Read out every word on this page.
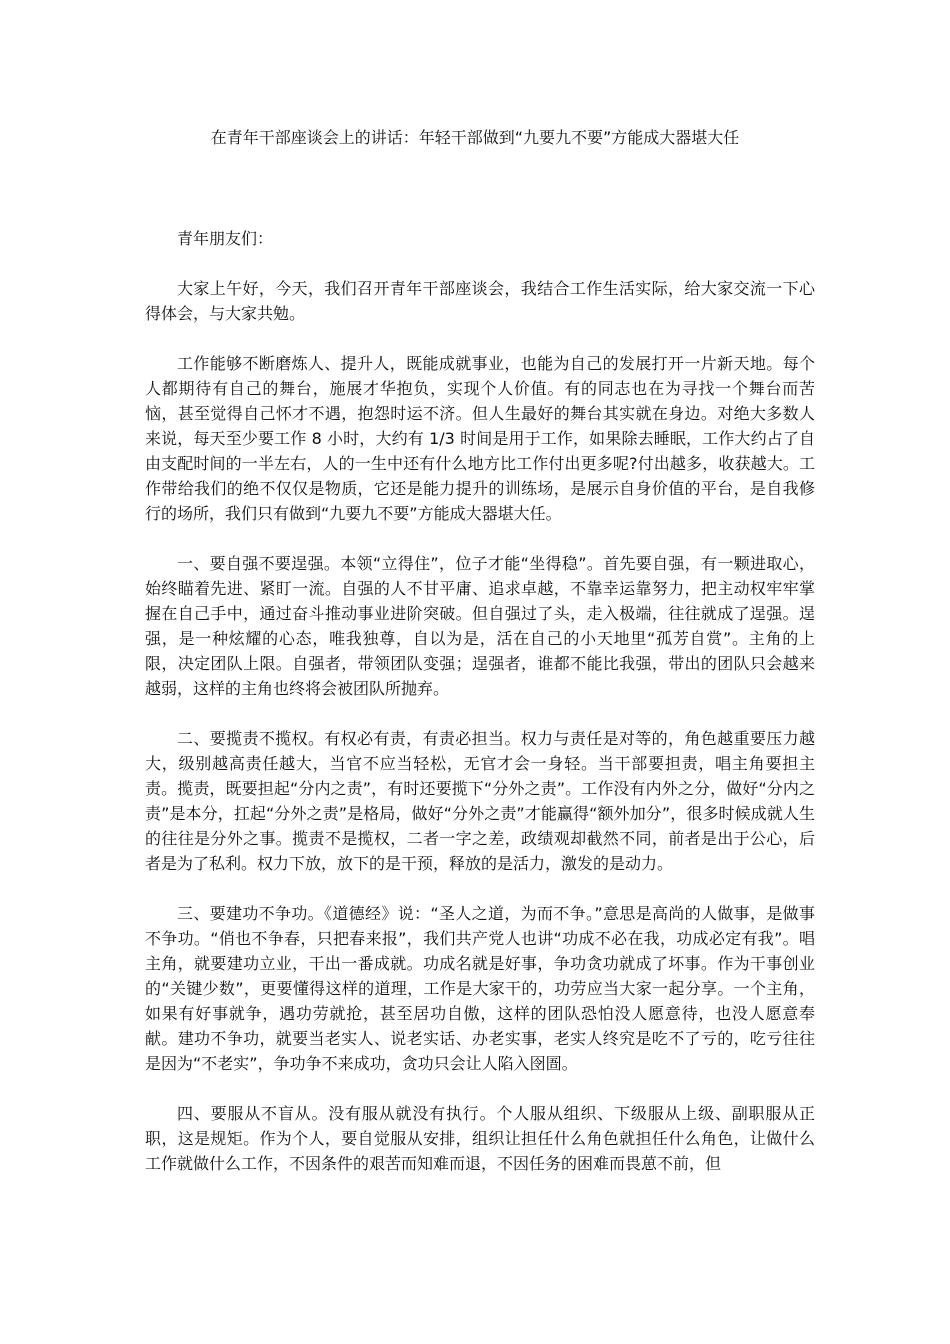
在青年干部座谈会上的讲话：年轻干部做到“九要九不要”方能成大器堪大任

青年朋友们：

大家上午好，今天，我们召开青年干部座谈会，我结合工作生活实际，给大家交流一下心得体会，与大家共勉。

工作能够不断磨炼人、提升人，既能成就事业，也能为自己的发展打开一片新天地。每个人都期待有自己的舞台，施展才华抱负，实现个人价值。有的同志也在为寻找一个舞台而苦恼，甚至觉得自己怀才不遇，抱怨时运不济。但人生最好的舞台其实就在身边。对绝大多数人来说，每天至少要工作 8 小时，大约有 1/3 时间是用于工作，如果除去睡眠，工作大约占了自由支配时间的一半左右，人的一生中还有什么地方比工作付出更多呢?付出越多，收获越大。工作带给我们的绝不仅仅是物质，它还是能力提升的训练场，是展示自身价值的平台，是自我修行的场所，我们只有做到“九要九不要”方能成大器堪大任。

一、要自强不要逞强。本领“立得住”，位子才能“坐得稳”。首先要自强，有一颗进取心，始终瞄着先进、紧盯一流。自强的人不甘平庸、追求卓越，不靠幸运靠努力，把主动权牢牢掌握在自己手中，通过奋斗推动事业进阶突破。但自强过了头，走入极端，往往就成了逞强。逞强，是一种炫耀的心态，唯我独尊，自以为是，活在自己的小天地里“孤芳自赏”。主角的上限，决定团队上限。自强者，带领团队变强；逞强者，谁都不能比我强，带出的团队只会越来越弱，这样的主角也终将会被团队所抛弃。

二、要揽责不揽权。有权必有责，有责必担当。权力与责任是对等的，角色越重要压力越大，级别越高责任越大，当官不应当轻松，无官才会一身轻。当干部要担责，唱主角要担主责。揽责，既要担起“分内之责”，有时还要揽下“分外之责”。工作没有内外之分，做好“分内之责”是本分，扛起“分外之责”是格局，做好“分外之责”才能赢得“额外加分”，很多时候成就人生的往往是分外之事。揽责不是揽权，二者一字之差，政绩观却截然不同，前者是出于公心，后者是为了私利。权力下放，放下的是干预，释放的是活力，激发的是动力。

三、要建功不争功。《道德经》说：“圣人之道，为而不争。”意思是高尚的人做事，是做事不争功。“俏也不争春，只把春来报”，我们共产党人也讲“功成不必在我，功成必定有我”。唱主角，就要建功立业，干出一番成就。功成名就是好事，争功贪功就成了坏事。作为干事创业的“关键少数”，更要懂得这样的道理，工作是大家干的，功劳应当大家一起分享。一个主角，如果有好事就争，遇功劳就抢，甚至居功自傲，这样的团队恐怕没人愿意待，也没人愿意奉献。建功不争功，就要当老实人、说老实话、办老实事，老实人终究是吃不了亏的，吃亏往往是因为“不老实”，争功争不来成功，贪功只会让人陷入囹圄。

四、要服从不盲从。没有服从就没有执行。个人服从组织、下级服从上级、副职服从正职，这是规矩。作为个人，要自觉服从安排，组织让担任什么角色就担任什么角色，让做什么工作就做什么工作，不因条件的艰苦而知难而退，不因任务的困难而畏葸不前，但
